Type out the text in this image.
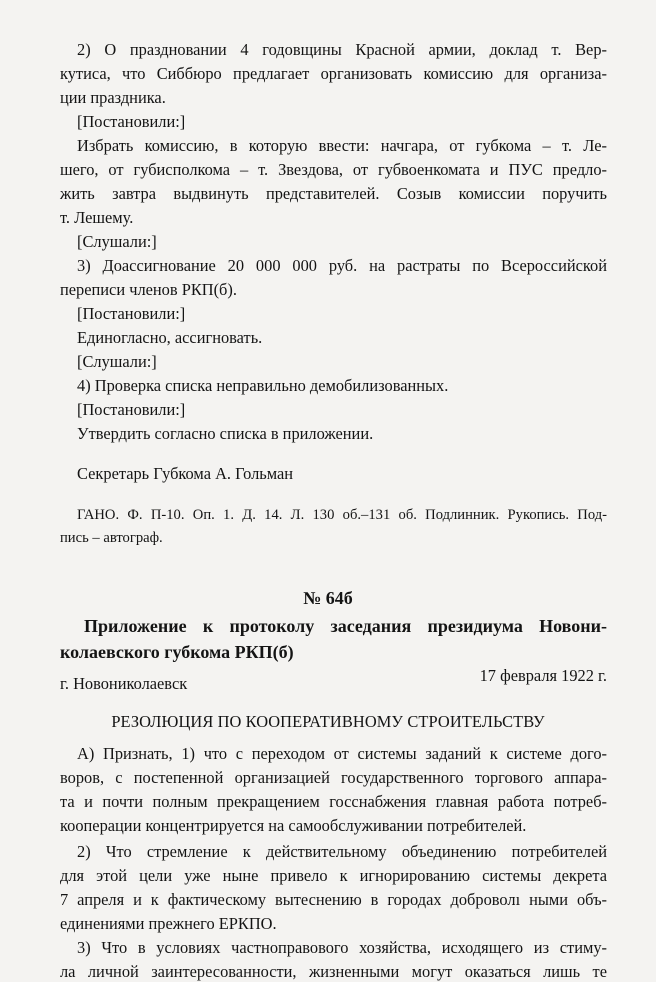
2) О праздновании 4 годовщины Красной армии, доклад т. Вер-
кутиса, что Сиббюро предлагает организовать комиссию для организа-
ции праздника.
[Постановили:]
Избрать комиссию, в которую ввести: начгара, от губкома – т. Ле-
шего, от губисполкома – т. Звездова, от губвоенкомата и ПУС предло-
жить завтра выдвинуть представителей. Созыв комиссии поручить
т. Лешему.
[Слушали:]
3) Доассигнование 20 000 000 руб. на растраты по Всероссийской
переписи членов РКП(б).
[Постановили:]
Единогласно, ассигновать.
[Слушали:]
4) Проверка списка неправильно демобилизованных.
[Постановили:]
Утвердить согласно списка в приложении.
Секретарь Губкома А. Гольман
ГАНО. Ф. П-10. Оп. 1. Д. 14. Л. 130 об.–131 об. Подлинник. Рукопись. Под-
пись – автограф.
№ 64б
Приложение к протоколу заседания президиума Новони-
колаевского губкома РКП(б)
г. Новониколаевск	17 февраля 1922 г.
РЕЗОЛЮЦИЯ ПО КООПЕРАТИВНОМУ СТРОИТЕЛЬСТВУ
А) Признать, 1) что с переходом от системы заданий к системе дого-
воров, с постепенной организацией государственного торгового аппара-
та и почти полным прекращением госснабжения главная работа потреб-
кооперации концентрируется на самообслуживании потребителей.
2) Что стремление к действительному объединению потребителей
для этой цели уже ныне привело к игнорированию системы декрета
7 апреля и к фактическому вытеснению в городах доброволı ными объ-
единениями прежнего ЕРКПО.
3) Что в условиях частноправового хозяйства, исходящего из стиму-
ла личной заинтересованности, жизненными могут оказаться лишь те
